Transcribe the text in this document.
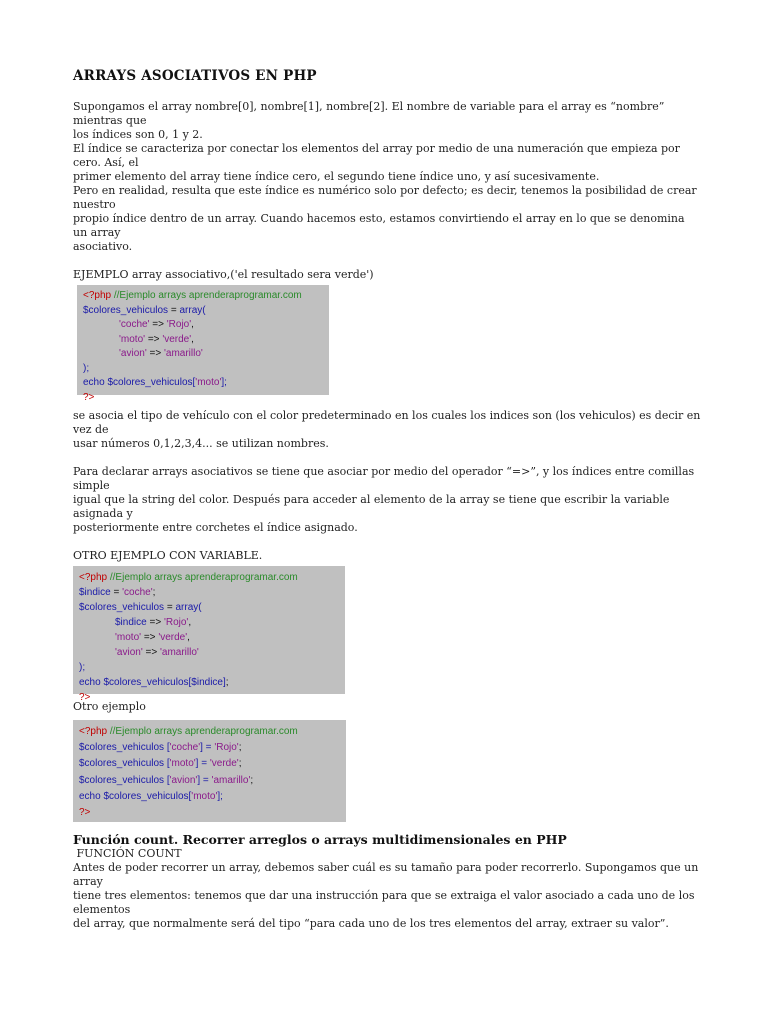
ARRAYS ASOCIATIVOS EN PHP

Supongamos el array nombre[0], nombre[1], nombre[2]. El nombre de variable para el array es “nombre” mientras que

los índices son 0, 1 y 2.

El índice se caracteriza por conectar los elementos del array por medio de una numeración que empieza por cero. Así, el

primer elemento del array tiene índice cero, el segundo tiene índice uno, y así sucesivamente.

Pero en realidad, resulta que este índice es numérico solo por defecto; es decir, tenemos la posibilidad de crear nuestro

propio índice dentro de un array. Cuando hacemos esto, estamos convirtiendo el array en lo que se denomina un array

asociativo.

EJEMPLO array associativo,('el resultado sera verde')

<?php //Ejemplo arrays aprenderaprogramar.com
$colores_vehiculos = array(
'coche' => 'Rojo',
'moto' => 'verde',
'avion' => 'amarillo'
);
echo $colores_vehiculos['moto'];
?>

se asocia el tipo de vehículo con el color predeterminado en los cuales los indices son (los vehiculos) es decir en vez de

usar números 0,1,2,3,4... se utilizan nombres.

Para declarar arrays asociativos se tiene que asociar por medio del operador “=>”, y los índices entre comillas simple

igual que la string del color. Después para acceder al elemento de la array se tiene que escribir la variable asignada y

posteriormente entre corchetes el índice asignado.

OTRO EJEMPLO CON VARIABLE.

<?php //Ejemplo arrays aprenderaprogramar.com
$indice = 'coche';
$colores_vehiculos = array(
$indice => 'Rojo',
'moto' => 'verde',
'avion' => 'amarillo'
);
echo $colores_vehiculos[$indice];
?>

Otro ejemplo

<?php //Ejemplo arrays aprenderaprogramar.com
$colores_vehiculos ['coche'] = 'Rojo';
$colores_vehiculos ['moto'] = 'verde';
$colores_vehiculos ['avion'] = 'amarillo';
echo $colores_vehiculos['moto'];
?>
Función count. Recorrer arreglos o arrays multidimensionales en PHP

FUNCIÓN COUNT

Antes de poder recorrer un array, debemos saber cuál es su tamaño para poder recorrerlo. Supongamos que un array

tiene tres elementos: tenemos que dar una instrucción para que se extraiga el valor asociado a cada uno de los elementos

del array, que normalmente será del tipo “para cada uno de los tres elementos del array, extraer su valor”.
